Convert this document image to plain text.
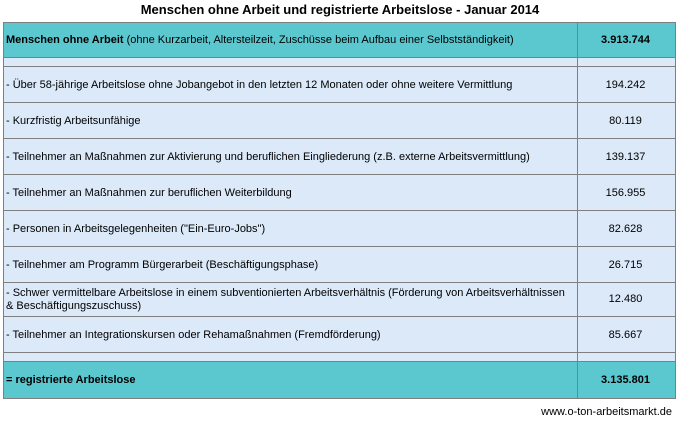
Menschen ohne Arbeit und registrierte Arbeitslose - Januar 2014
Menschen ohne Arbeit (ohne Kurzarbeit, Altersteilzeit, Zuschüsse beim Aufbau einer Selbstständigkeit)	3.913.744

- Über 58-jährige Arbeitslose ohne Jobangebot in den letzten 12 Monaten oder ohne weitere Vermittlung	194.242
- Kurzfristig Arbeitsunfähige	80.119
- Teilnehmer an Maßnahmen zur Aktivierung und beruflichen Eingliederung (z.B. externe Arbeitsvermittlung)	139.137
- Teilnehmer an Maßnahmen zur beruflichen Weiterbildung	156.955
- Personen in Arbeitsgelegenheiten ("Ein-Euro-Jobs")	82.628
- Teilnehmer am Programm Bürgerarbeit (Beschäftigungsphase)	26.715
- Schwer vermittelbare Arbeitslose in einem subventionierten Arbeitsverhältnis (Förderung von Arbeitsverhältnissen & Beschäftigungszuschuss)	12.480
- Teilnehmer an Integrationskursen oder Rehamaßnahmen (Fremdförderung)	85.667

= registrierte Arbeitslose	3.135.801
www.o-ton-arbeitsmarkt.de
